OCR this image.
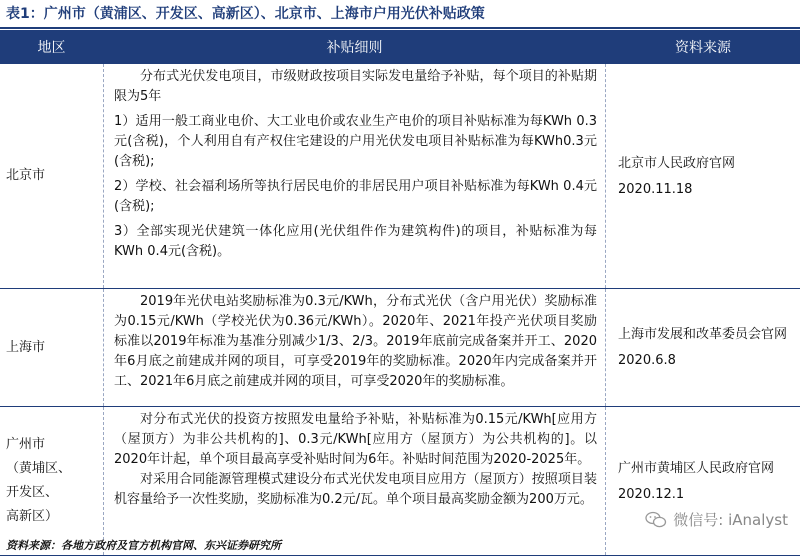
表1：广州市（黄浦区、开发区、高新区）、北京市、上海市户用光伏补贴政策
地区	补贴细则	资料来源
北京市

分布式光伏发电项目，市级财政按项目实际发电量给予补贴，每个项目的补贴期限为5年

1）适用一般工商业电价、大工业电价或农业生产电价的项目补贴标准为每KWh 0.3元(含税)，个人利用自有产权住宅建设的户用光伏发电项目补贴标准为每KWh0.3元(含税);

2）学校、社会福利场所等执行居民电价的非居民用户项目补贴标准为每KWh 0.4元(含税);

3）全部实现光伏建筑一体化应用(光伏组件作为建筑构件)的项目，补贴标准为每KWh 0.4元(含税)。

北京市人民政府官网
2020.11.18
上海市

2019年光伏电站奖励标准为0.3元/KWh，分布式光伏（含户用光伏）奖励标准为0.15元/KWh（学校光伏为0.36元/KWh）。2020年、2021年投产光伏项目奖励标准以2019年标准为基准分别减少1/3、2/3。2019年底前完成备案并开工、2020年6月底之前建成并网的项目，可享受2019年的奖励标准。2020年内完成备案并开工、2021年6月底之前建成并网的项目，可享受2020年的奖励标准。

上海市发展和改革委员会官网
2020.6.8
广州市
（黄埔区、
开发区、
高新区）

对分布式光伏的投资方按照发电量给予补贴，补贴标准为0.15元/KWh[应用方（屋顶方）为非公共机构的]、0.3元/KWh[应用方（屋顶方）为公共机构的]。以2020年计起，单个项目最高享受补贴时间为6年。补贴时间范围为2020-2025年。

对采用合同能源管理模式建设分布式光伏发电项目应用方（屋顶方）按照项目装机容量给予一次性奖励，奖励标准为0.2元/瓦。单个项目最高奖励金额为200万元。

广州市黄埔区人民政府官网
2020.12.1
微信号: iAnalyst
资料来源：各地方政府及官方机构官网、东兴证券研究所
